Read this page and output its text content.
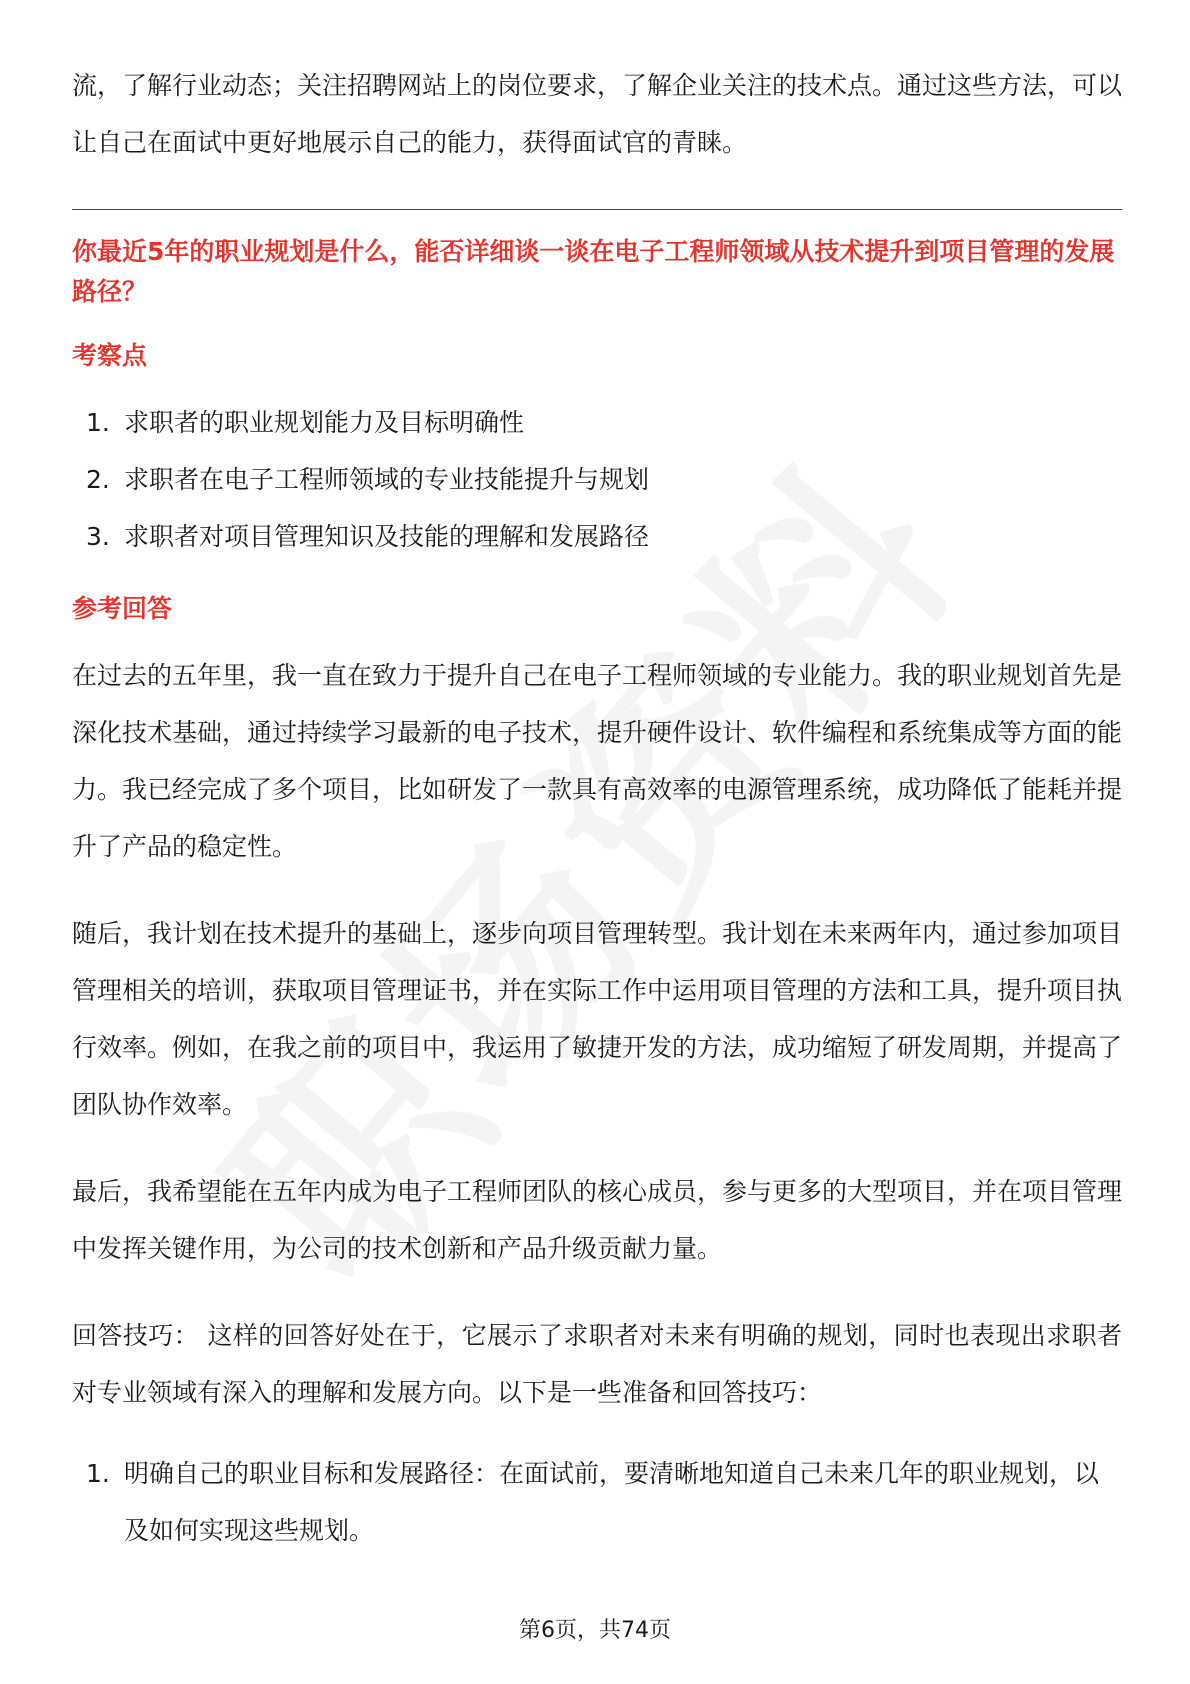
流，了解行业动态；关注招聘网站上的岗位要求，了解企业关注的技术点。通过这些方法，可以让自己在面试中更好地展示自己的能力，获得面试官的青睐。

你最近5年的职业规划是什么，能否详细谈一谈在电子工程师领域从技术提升到项目管理的发展路径？
考察点
1. 求职者的职业规划能力及目标明确性
2. 求职者在电子工程师领域的专业技能提升与规划
3. 求职者对项目管理知识及技能的理解和发展路径
参考回答

在过去的五年里，我一直在致力于提升自己在电子工程师领域的专业能力。我的职业规划首先是深化技术基础，通过持续学习最新的电子技术，提升硬件设计、软件编程和系统集成等方面的能力。我已经完成了多个项目，比如研发了一款具有高效率的电源管理系统，成功降低了能耗并提升了产品的稳定性。

随后，我计划在技术提升的基础上，逐步向项目管理转型。我计划在未来两年内，通过参加项目管理相关的培训，获取项目管理证书，并在实际工作中运用项目管理的方法和工具，提升项目执行效率。例如，在我之前的项目中，我运用了敏捷开发的方法，成功缩短了研发周期，并提高了团队协作效率。

最后，我希望能在五年内成为电子工程师团队的核心成员，参与更多的大型项目，并在项目管理中发挥关键作用，为公司的技术创新和产品升级贡献力量。

回答技巧： 这样的回答好处在于，它展示了求职者对未来有明确的规划，同时也表现出求职者对专业领域有深入的理解和发展方向。以下是一些准备和回答技巧：

1. 明确自己的职业目标和发展路径：在面试前，要清晰地知道自己未来几年的职业规划，以及如何实现这些规划。
第6页，共74页
